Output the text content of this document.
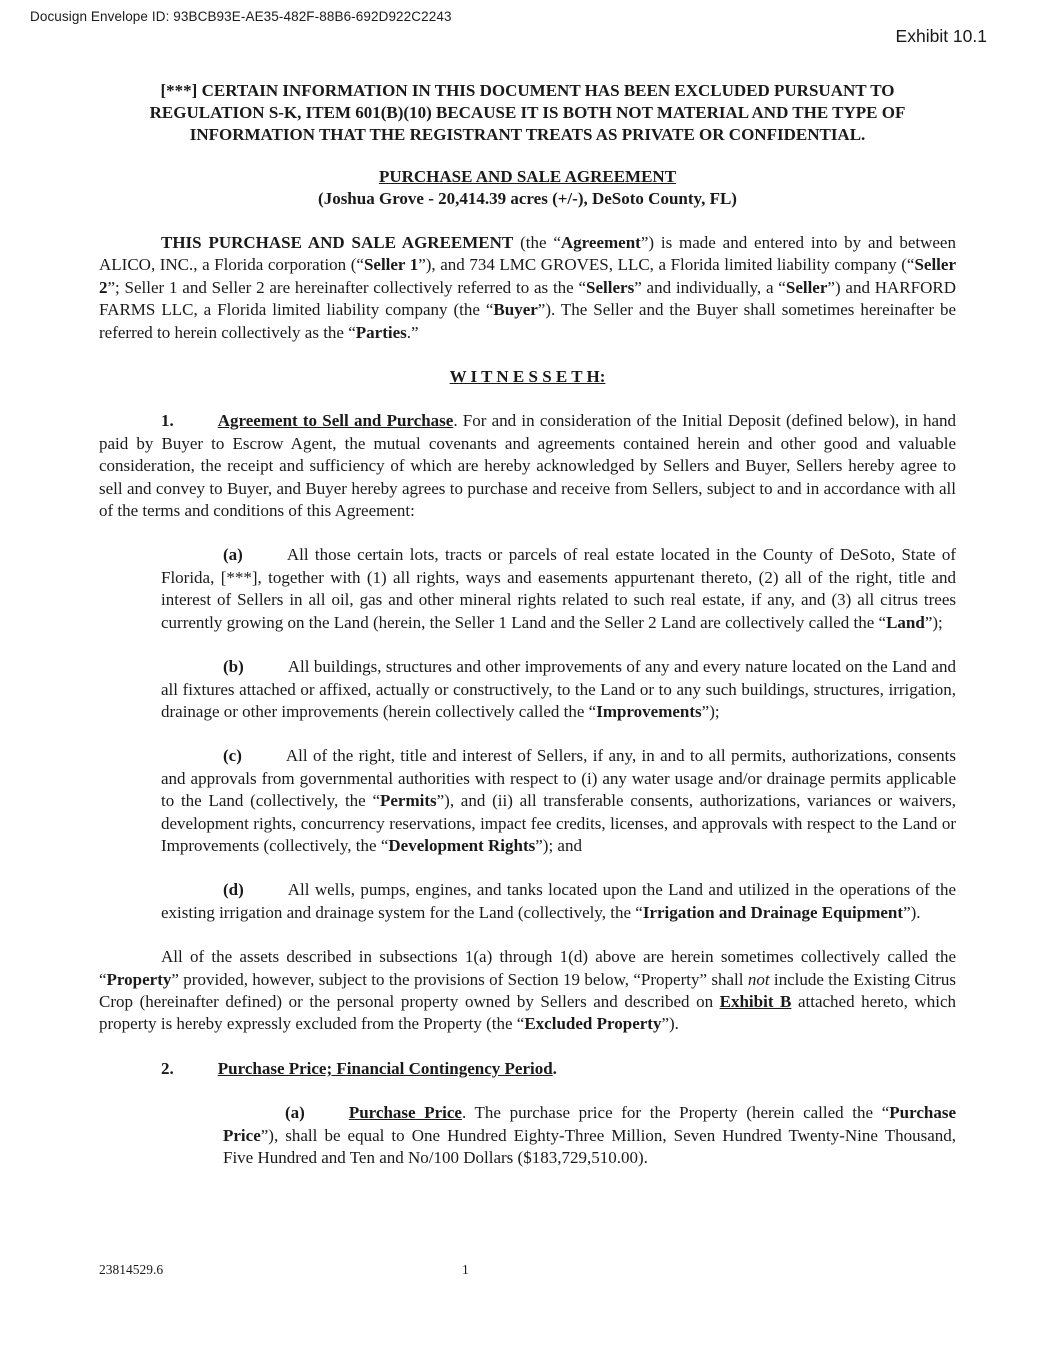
Docusign Envelope ID: 93BCB93E-AE35-482F-88B6-692D922C2243
Exhibit 10.1
[***] CERTAIN INFORMATION IN THIS DOCUMENT HAS BEEN EXCLUDED PURSUANT TO
REGULATION S-K, ITEM 601(B)(10) BECAUSE IT IS BOTH NOT MATERIAL AND THE TYPE OF
INFORMATION THAT THE REGISTRANT TREATS AS PRIVATE OR CONFIDENTIAL.
PURCHASE AND SALE AGREEMENT
(Joshua Grove - 20,414.39 acres (+/-), DeSoto County, FL)

THIS PURCHASE AND SALE AGREEMENT (the “Agreement”) is made and entered into by and between ALICO, INC., a Florida corporation (“Seller 1”), and 734 LMC GROVES, LLC, a Florida limited liability company (“Seller 2”; Seller 1 and Seller 2 are hereinafter collectively referred to as the “Sellers” and individually, a “Seller”) and HARFORD FARMS LLC, a Florida limited liability company (the “Buyer”). The Seller and the Buyer shall sometimes hereinafter be referred to herein collectively as the “Parties.”

W I T N E S S E T H:

1.	Agreement to Sell and Purchase. For and in consideration of the Initial Deposit (defined below), in hand paid by Buyer to Escrow Agent, the mutual covenants and agreements contained herein and other good and valuable consideration, the receipt and sufficiency of which are hereby acknowledged by Sellers and Buyer, Sellers hereby agree to sell and convey to Buyer, and Buyer hereby agrees to purchase and receive from Sellers, subject to and in accordance with all of the terms and conditions of this Agreement:

(a)	All those certain lots, tracts or parcels of real estate located in the County of DeSoto, State of Florida, [***], together with (1) all rights, ways and easements appurtenant thereto, (2) all of the right, title and interest of Sellers in all oil, gas and other mineral rights related to such real estate, if any, and (3) all citrus trees currently growing on the Land (herein, the Seller 1 Land and the Seller 2 Land are collectively called the “Land”);

(b)	All buildings, structures and other improvements of any and every nature located on the Land and all fixtures attached or affixed, actually or constructively, to the Land or to any such buildings, structures, irrigation, drainage or other improvements (herein collectively called the “Improvements”);

(c)	All of the right, title and interest of Sellers, if any, in and to all permits, authorizations, consents and approvals from governmental authorities with respect to (i) any water usage and/or drainage permits applicable to the Land (collectively, the “Permits”), and (ii) all transferable consents, authorizations, variances or waivers, development rights, concurrency reservations, impact fee credits, licenses, and approvals with respect to the Land or Improvements (collectively, the “Development Rights”); and

(d)	All wells, pumps, engines, and tanks located upon the Land and utilized in the operations of the existing irrigation and drainage system for the Land (collectively, the “Irrigation and Drainage Equipment”).

All of the assets described in subsections 1(a) through 1(d) above are herein sometimes collectively called the “Property” provided, however, subject to the provisions of Section 19 below, “Property” shall not include the Existing Citrus Crop (hereinafter defined) or the personal property owned by Sellers and described on Exhibit B attached hereto, which property is hereby expressly excluded from the Property (the “Excluded Property”).

2.	Purchase Price; Financial Contingency Period.

(a)	Purchase Price. The purchase price for the Property (herein called the “Purchase Price”), shall be equal to One Hundred Eighty-Three Million, Seven Hundred Twenty-Nine Thousand, Five Hundred and Ten and No/100 Dollars ($183,729,510.00).

23814529.6	1
